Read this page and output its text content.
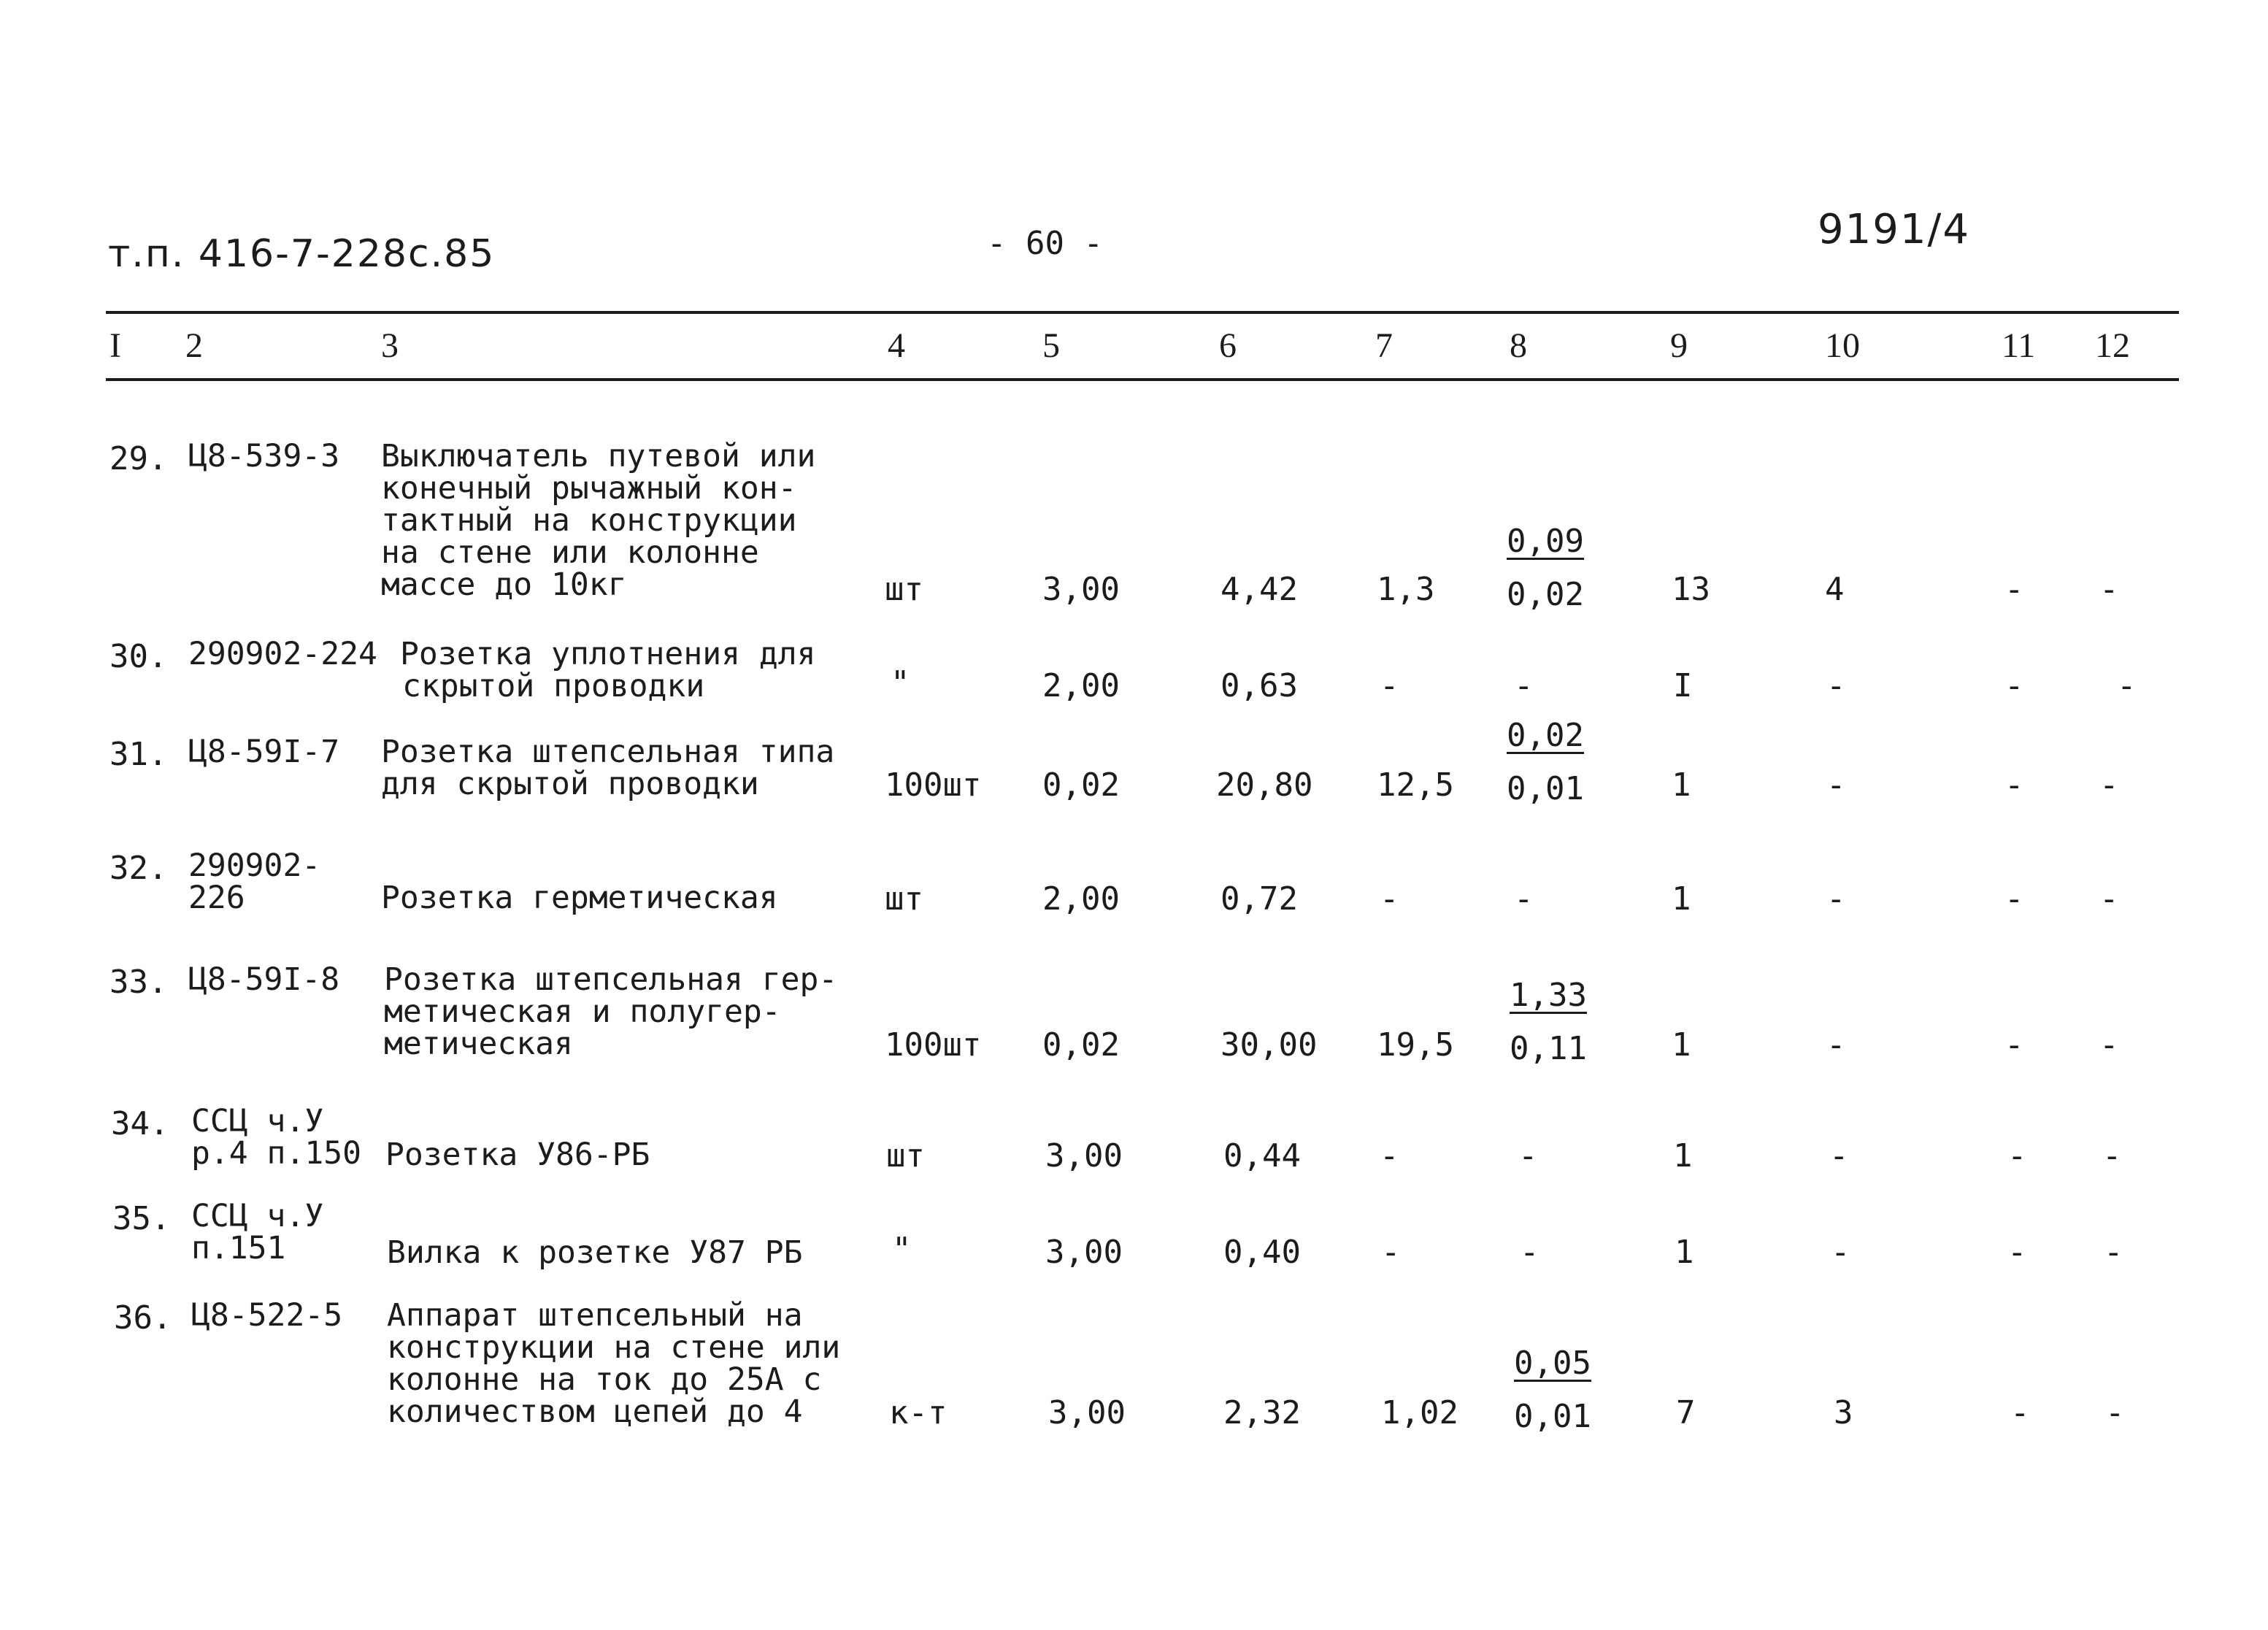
т.п. 416-7-228с.85	- 60 -	9191/4
I 2	3	4	5	6	7	8	9	10	11 12
29. Ц8-539-3 Выключатель путевой или
конечный рычажный кон-
тактный на конструкции
на стене или колонне
массе до 10кг	шт	3,00	4,42 $1,3 \frac{0,09}{0,02}$	13	4	- -
30. 290902-224 Розетка уплотнения для
скрытой проводки	"	2,00	0,63	-	-	I	-	-	-
31. Ц8-59I-7 Розетка штепсельная типа
для скрытой проводки	100шт 0,02	20,80 $12,5 \frac{0,02}{0,01}$	1	-	- -
32. 290902-
226	Розетка герметическая	шт	2,00	0,72	-	-	1	-	- -
33. Ц8-59I-8 Розетка штепсельная гер-
метическая и полугер-
метическая	100шт 0,02	30,00 $19,5 \frac{1,33}{0,11}$	1	-	- -
34. ССЦ ч.У
р.4 п.150 Розетка У86-РБ	шт	3,00	0,44 -	-	1	-	- -
35. ССЦ ч.У
п.151	Вилка к розетке У87 РБ	"	3,00	0,40	-	-	1	-	- -
36. Ц8-522-5 Аппарат штепсельный на
конструкции на стене или
колонне на ток до 25А с
количеством цепей до 4	к-т	3,00	2,32	$1,02 \frac{0,05}{0,01}$	7	3	- -
